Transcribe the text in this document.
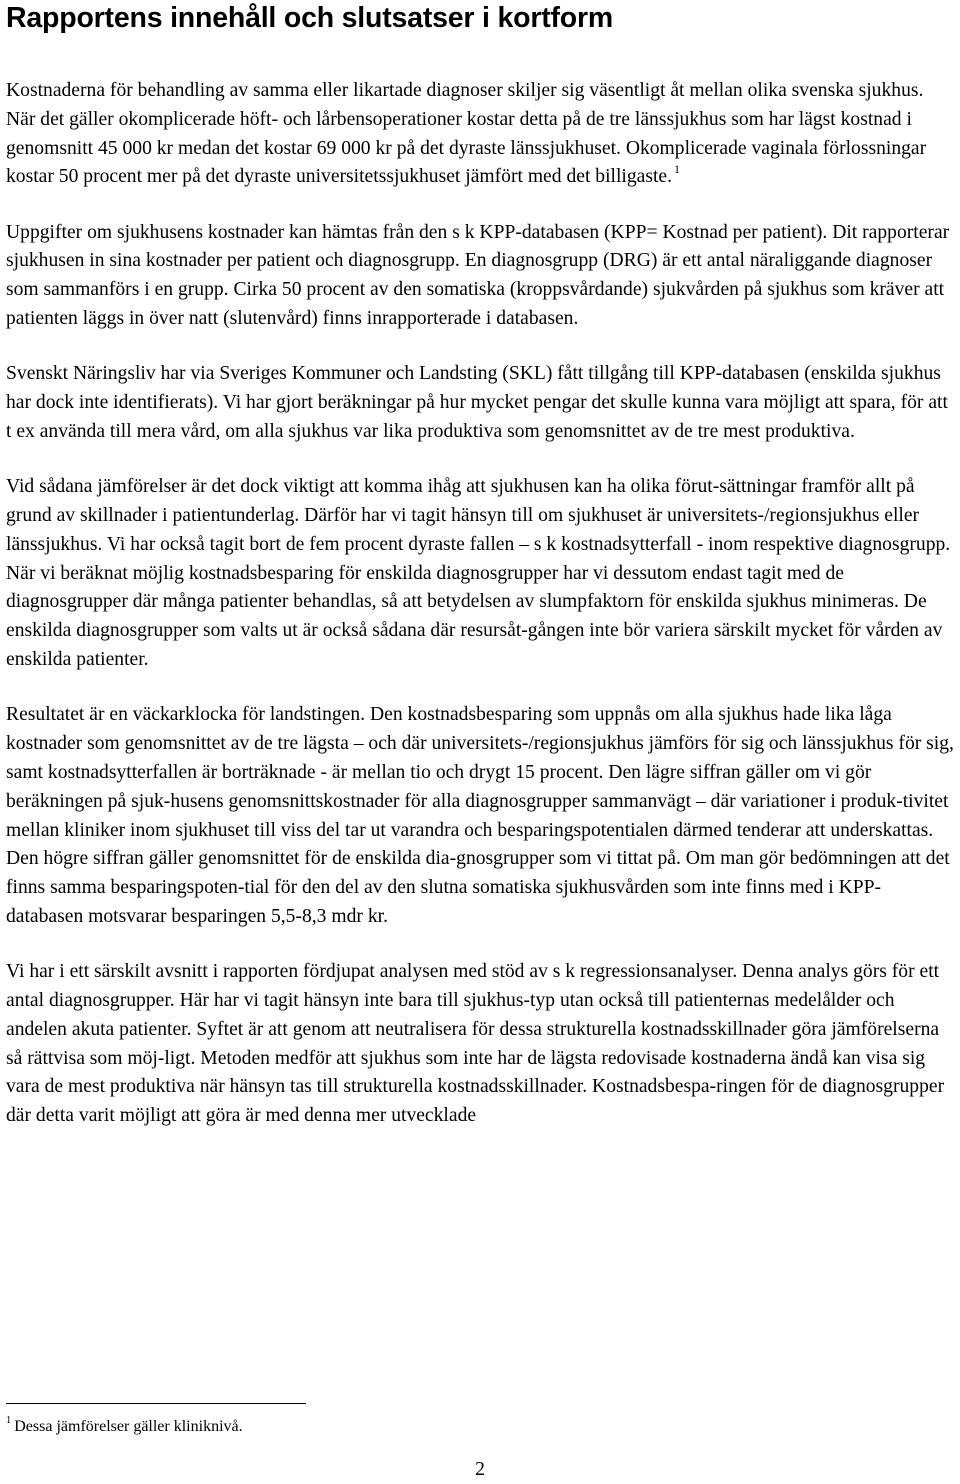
Rapportens innehåll och slutsatser i kortform

Kostnaderna för behandling av samma eller likartade diagnoser skiljer sig väsentligt åt mellan olika svenska sjukhus. När det gäller okomplicerade höft- och lårbensoperationer kostar detta på de tre länssjukhus som har lägst kostnad i genomsnitt 45 000 kr medan det kostar 69 000 kr på det dyraste länssjukhuset. Okomplicerade vaginala förlossningar kostar 50 procent mer på det dyraste universitetssjukhuset jämfört med det billigaste. $^1$

Uppgifter om sjukhusens kostnader kan hämtas från den s k KPP-databasen (KPP= Kostnad per patient). Dit rapporterar sjukhusen in sina kostnader per patient och diagnosgrupp. En diagnosgrupp (DRG) är ett antal näraliggande diagnoser som sammanförs i en grupp. Cirka 50 procent av den somatiska (kroppsvårdande) sjukvården på sjukhus som kräver att patienten läggs in över natt (slutenvård) finns inrapporterade i databasen.

Svenskt Näringsliv har via Sveriges Kommuner och Landsting (SKL) fått tillgång till KPP-databasen (enskilda sjukhus har dock inte identifierats). Vi har gjort beräkningar på hur mycket pengar det skulle kunna vara möjligt att spara, för att t ex använda till mera vård, om alla sjukhus var lika produktiva som genomsnittet av de tre mest produktiva.

Vid sådana jämförelser är det dock viktigt att komma ihåg att sjukhusen kan ha olika förut-sättningar framför allt på grund av skillnader i patientunderlag. Därför har vi tagit hänsyn till om sjukhuset är universitets-/regionsjukhus eller länssjukhus. Vi har också tagit bort de fem procent dyraste fallen – s k kostnadsytterfall - inom respektive diagnosgrupp. När vi beräknat möjlig kostnadsbesparing för enskilda diagnosgrupper har vi dessutom endast tagit med de diagnosgrupper där många patienter behandlas, så att betydelsen av slumpfaktorn för enskilda sjukhus minimeras. De enskilda diagnosgrupper som valts ut är också sådana där resursåt-gången inte bör variera särskilt mycket för vården av enskilda patienter.

Resultatet är en väckarklocka för landstingen. Den kostnadsbesparing som uppnås om alla sjukhus hade lika låga kostnader som genomsnittet av de tre lägsta – och där universitets-/regionsjukhus jämförs för sig och länssjukhus för sig, samt kostnadsytterfallen är borträknade - är mellan tio och drygt 15 procent. Den lägre siffran gäller om vi gör beräkningen på sjuk-husens genomsnittskostnader för alla diagnosgrupper sammanvägt – där variationer i produk-tivitet mellan kliniker inom sjukhuset till viss del tar ut varandra och besparingspotentialen därmed tenderar att underskattas. Den högre siffran gäller genomsnittet för de enskilda dia-gnosgrupper som vi tittat på. Om man gör bedömningen att det finns samma besparingspoten-tial för den del av den slutna somatiska sjukhusvården som inte finns med i KPP-databasen motsvarar besparingen 5,5-8,3 mdr kr.

Vi har i ett särskilt avsnitt i rapporten fördjupat analysen med stöd av s k regressionsanalyser. Denna analys görs för ett antal diagnosgrupper. Här har vi tagit hänsyn inte bara till sjukhus-typ utan också till patienternas medelålder och andelen akuta patienter. Syftet är att genom att neutralisera för dessa strukturella kostnadsskillnader göra jämförelserna så rättvisa som möj-ligt. Metoden medför att sjukhus som inte har de lägsta redovisade kostnaderna ändå kan visa sig vara de mest produktiva när hänsyn tas till strukturella kostnadsskillnader. Kostnadsbespa-ringen för de diagnosgrupper där detta varit möjligt att göra är med denna mer utvecklade

$^1$ Dessa jämförelser gäller kliniknivå.
2
